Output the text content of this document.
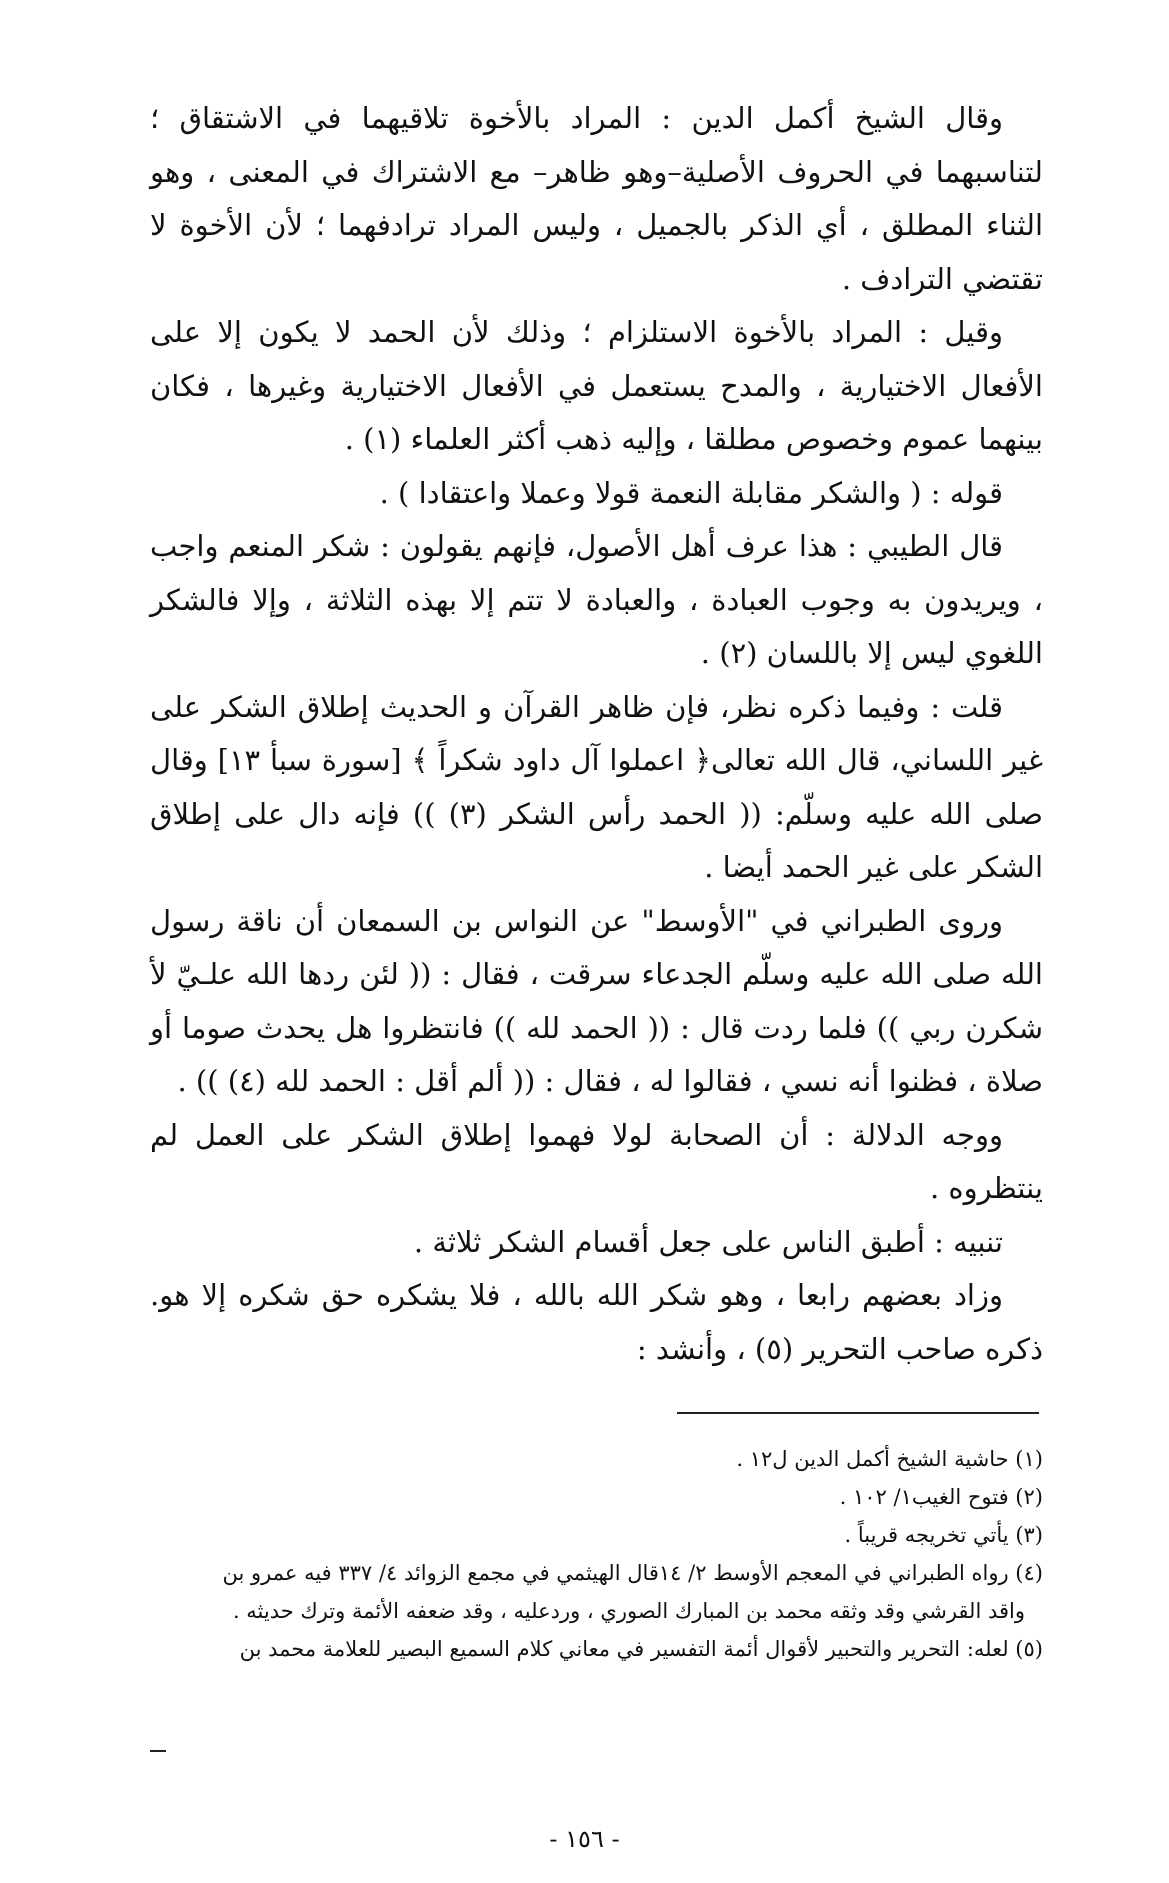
وقال الشيخ أكمل الدين : المراد بالأخوة تلاقيهما في الاشتقاق ؛ لتناسبهما في الحروف الأصلية–وهو ظاهر– مع الاشتراك في المعنى ، وهو الثناء المطلق ، أي الذكر بالجميل ، وليس المراد ترادفهما ؛ لأن الأخوة لا تقتضي الترادف .

وقيل : المراد بالأخوة الاستلزام ؛ وذلك لأن الحمد لا يكون إلا على الأفعال الاختيارية ، والمدح يستعمل في الأفعال الاختيارية وغيرها ، فكان بينهما عموم وخصوص مطلقا ، وإليه ذهب أكثر العلماء (١) .

قوله : ( والشكر مقابلة النعمة قولا وعملا واعتقادا ) .

قال الطيبي : هذا عرف أهل الأصول، فإنهم يقولون : شكر المنعم واجب ، ويريدون به وجوب العبادة ، والعبادة لا تتم إلا بهذه الثلاثة ، وإلا فالشكر اللغوي ليس إلا باللسان (٢) .

قلت : وفيما ذكره نظر، فإن ظاهر القرآن و الحديث إطلاق الشكر على غير اللساني، قال الله تعالى﴿ اعملوا آل داود شكراً ﴾ [سورة سبأ ١٣] وقال صلى الله عليه وسلّم: (( الحمد رأس الشكر (٣) )) فإنه دال على إطلاق الشكر على غير الحمد أيضا .

وروى الطبراني في "الأوسط" عن النواس بن السمعان أن ناقة رسول الله صلى الله عليه وسلّم الجدعاء سرقت ، فقال : (( لئن ردها الله علـيّ لأ شكرن ربي )) فلما ردت قال : (( الحمد لله )) فانتظروا هل يحدث صوما أو صلاة ، فظنوا أنه نسي ، فقالوا له ، فقال : (( ألم أقل : الحمد لله (٤) )) .

ووجه الدلالة : أن الصحابة لولا فهموا إطلاق الشكر على العمل لم ينتظروه .

تنبيه : أطبق الناس على جعل أقسام الشكر ثلاثة .

وزاد بعضهم رابعا ، وهو شكر الله بالله ، فلا يشكره حق شكره إلا هو. ذكره صاحب التحرير (٥) ، وأنشد :

(١) حاشية الشيخ أكمل الدين ل١٢ .

(٢) فتوح الغيب١/ ١٠٢ .

(٣) يأتي تخريجه قريباً .

(٤) رواه الطبراني في المعجم الأوسط ٢/ ١٤قال الهيثمي في مجمع الزوائد ٤/ ٣٣٧ فيه عمرو بن

واقد القرشي وقد وثقه محمد بن المبارك الصوري ، وردعليه ، وقد ضعفه الأئمة وترك حديثه .

(٥) لعله: التحرير والتحبير لأقوال أئمة التفسير في معاني كلام السميع البصير للعلامة محمد بن

- ١٥٦ -
